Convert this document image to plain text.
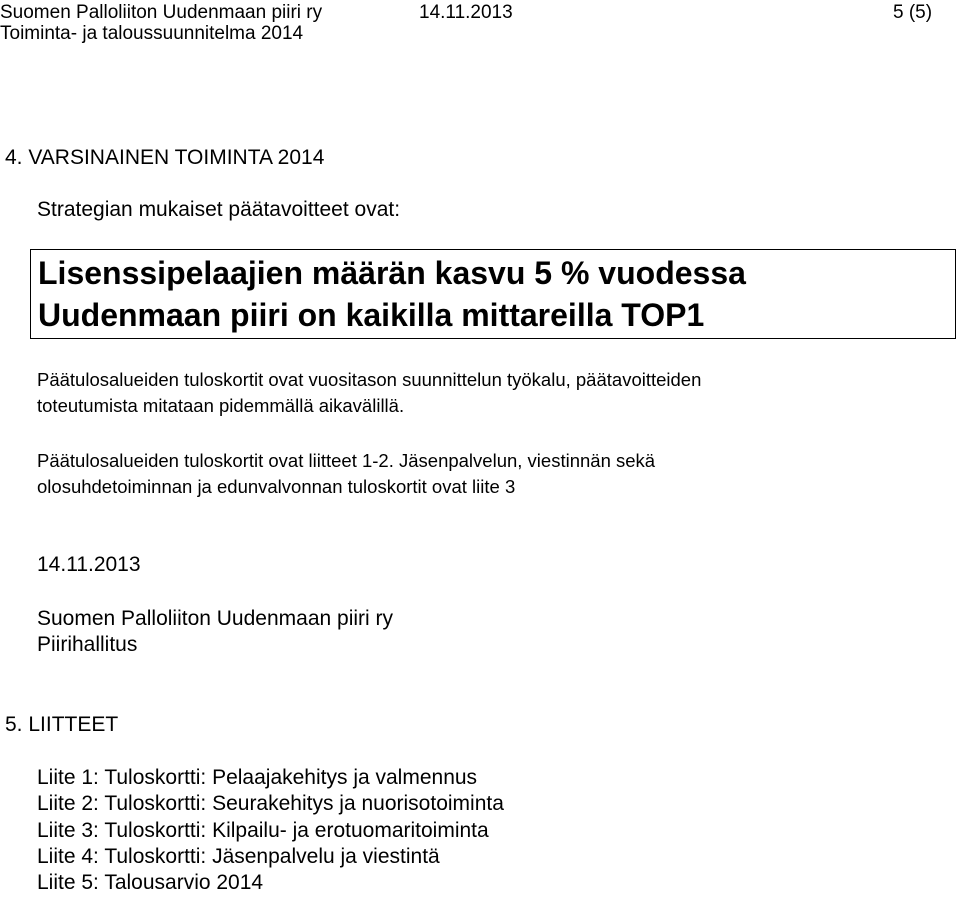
Suomen Palloliiton Uudenmaan piiri ry	14.11.2013	5 (5)
Toiminta- ja taloussuunnitelma 2014
4. VARSINAINEN TOIMINTA 2014
Strategian mukaiset päätavoitteet ovat:
Lisenssipelaajien määrän kasvu 5 % vuodessa
Uudenmaan piiri on kaikilla mittareilla TOP1
Päätulosalueiden tuloskortit ovat vuositason suunnittelun työkalu, päätavoitteiden
toteutumista mitataan pidemmällä aikavälillä.
Päätulosalueiden tuloskortit ovat liitteet 1-2. Jäsenpalvelun, viestinnän sekä
olosuhdetoiminnan ja edunvalvonnan tuloskortit ovat liite 3
14.11.2013
Suomen Palloliiton Uudenmaan piiri ry
Piirihallitus
5. LIITTEET
Liite 1: Tuloskortti: Pelaajakehitys ja valmennus
Liite 2: Tuloskortti: Seurakehitys ja nuorisotoiminta
Liite 3: Tuloskortti: Kilpailu- ja erotuomaritoiminta
Liite 4: Tuloskortti: Jäsenpalvelu ja viestintä
Liite 5: Talousarvio 2014
